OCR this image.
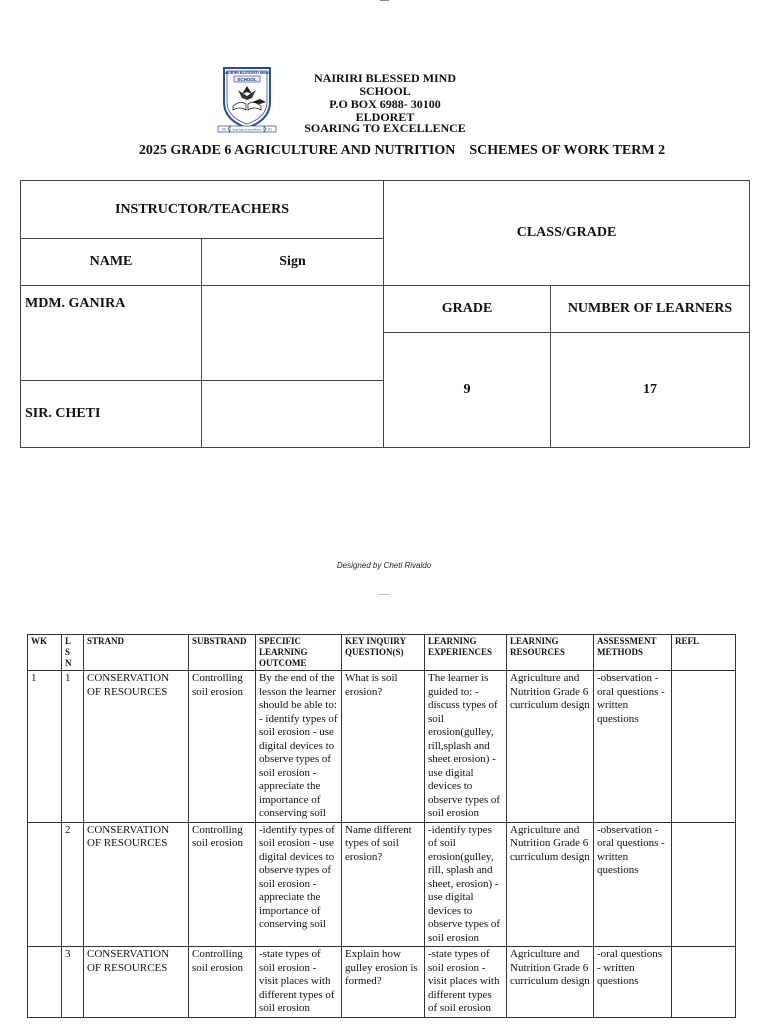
NAIRIRI BLESSED MIND
SCHOOL
Soaring to excellence
20	21
NAIRIRI BLESSED MIND SCHOOL
P.O BOX 6988- 30100
ELDORET
SOARING TO EXCELLENCE
2025 GRADE 6 AGRICULTURE AND NUTRITION    SCHEMES OF WORK TERM 2
INSTRUCTOR/TEACHERS		CLASS/GRADE	
NAME	Sign		

MDM. GANIRA		GRADE	NUMBER OF LEARNERS
		9	17
SIR. CHETI			
Designed by Cheti Rivaldo
WK	L
S
N	STRAND	SUBSTRAND	SPECIFIC LEARNING OUTCOME	KEY INQUIRY QUESTION(S)	LEARNING EXPERIENCES	LEARNING RESOURCES	ASSESSMENT METHODS	REFL
1	1	CONSERVATION OF RESOURCES	Controlling soil erosion	By the end of the lesson the learner should be able to: - identify types of soil erosion - use digital devices to observe types of soil erosion - appreciate the importance of conserving soil	What is soil erosion?	The learner is guided to: - discuss types of soil erosion(gulley, rill,splash and sheet erosion) - use digital devices to observe types of soil erosion	Agriculture and Nutrition Grade 6 curriculum design	-observation -oral questions - written questions	
	2	CONSERVATION OF RESOURCES	Controlling soil erosion	-identify types of soil erosion - use digital devices to observe types of soil erosion - appreciate the importance of conserving soil	Name different types of soil erosion?	-identify types of soil erosion(gulley, rill, splash and sheet, erosion) -use digital devices to observe types of soil erosion	Agriculture and Nutrition Grade 6 curriculum design	-observation -oral questions - written questions	
	3	CONSERVATION OF RESOURCES	Controlling soil erosion	-state types of soil erosion - visit places with different types of soil erosion	Explain how gulley erosion is formed?	-state types of soil erosion - visit places with different types of soil erosion	Agriculture and Nutrition Grade 6 curriculum design	-oral questions - written questions	
